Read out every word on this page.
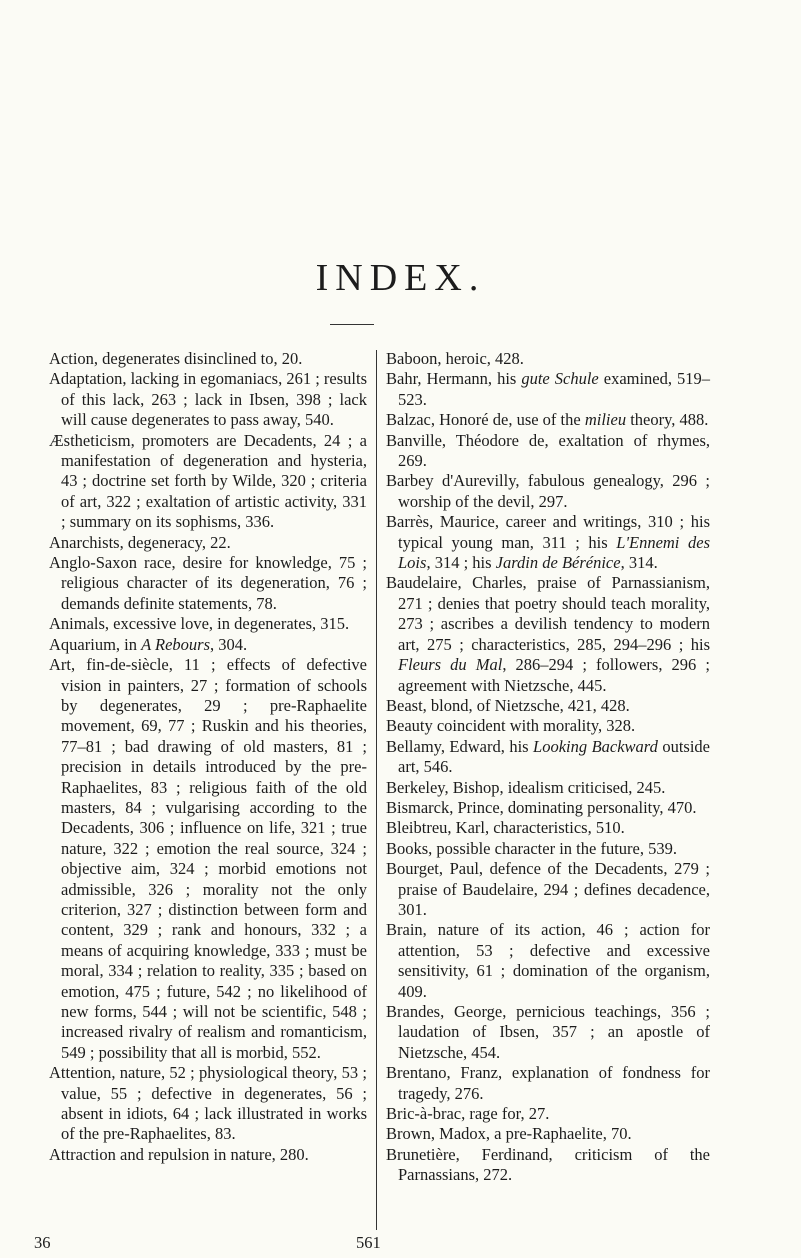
INDEX.

Action, degenerates disinclined to, 20.

Adaptation, lacking in egomaniacs, 261 ; results of this lack, 263 ; lack in Ibsen, 398 ; lack will cause degenerates to pass away, 540.

Æstheticism, promoters are Decadents, 24 ; a manifestation of degeneration and hysteria, 43 ; doctrine set forth by Wilde, 320 ; criteria of art, 322 ; exaltation of artistic activity, 331 ; summary on its sophisms, 336.

Anarchists, degeneracy, 22.

Anglo-Saxon race, desire for knowledge, 75 ; religious character of its degeneration, 76 ; demands definite statements, 78.

Animals, excessive love, in degenerates, 315.

Aquarium, in A Rebours, 304.

Art, fin-de-siècle, 11 ; effects of defective vision in painters, 27 ; formation of schools by degenerates, 29 ; pre-Raphaelite movement, 69, 77 ; Ruskin and his theories, 77–81 ; bad drawing of old masters, 81 ; precision in details introduced by the pre-Raphaelites, 83 ; religious faith of the old masters, 84 ; vulgarising according to the Decadents, 306 ; influence on life, 321 ; true nature, 322 ; emotion the real source, 324 ; objective aim, 324 ; morbid emotions not admissible, 326 ; morality not the only criterion, 327 ; distinction between form and content, 329 ; rank and honours, 332 ; a means of acquiring knowledge, 333 ; must be moral, 334 ; relation to reality, 335 ; based on emotion, 475 ; future, 542 ; no likelihood of new forms, 544 ; will not be scientific, 548 ; increased rivalry of realism and romanticism, 549 ; possibility that all is morbid, 552.

Attention, nature, 52 ; physiological theory, 53 ; value, 55 ; defective in degenerates, 56 ; absent in idiots, 64 ; lack illustrated in works of the pre-Raphaelites, 83.

Attraction and repulsion in nature, 280.

Baboon, heroic, 428.

Bahr, Hermann, his gute Schule examined, 519–523.

Balzac, Honoré de, use of the milieu theory, 488.

Banville, Théodore de, exaltation of rhymes, 269.

Barbey d'Aurevilly, fabulous genealogy, 296 ; worship of the devil, 297.

Barrès, Maurice, career and writings, 310 ; his typical young man, 311 ; his L'Ennemi des Lois, 314 ; his Jardin de Bérénice, 314.

Baudelaire, Charles, praise of Parnassianism, 271 ; denies that poetry should teach morality, 273 ; ascribes a devilish tendency to modern art, 275 ; characteristics, 285, 294–296 ; his Fleurs du Mal, 286–294 ; followers, 296 ; agreement with Nietzsche, 445.

Beast, blond, of Nietzsche, 421, 428.

Beauty coincident with morality, 328.

Bellamy, Edward, his Looking Backward outside art, 546.

Berkeley, Bishop, idealism criticised, 245.

Bismarck, Prince, dominating personality, 470.

Bleibtreu, Karl, characteristics, 510.

Books, possible character in the future, 539.

Bourget, Paul, defence of the Decadents, 279 ; praise of Baudelaire, 294 ; defines decadence, 301.

Brain, nature of its action, 46 ; action for attention, 53 ; defective and excessive sensitivity, 61 ; domination of the organism, 409.

Brandes, George, pernicious teachings, 356 ; laudation of Ibsen, 357 ; an apostle of Nietzsche, 454.

Brentano, Franz, explanation of fondness for tragedy, 276.

Bric-à-brac, rage for, 27.

Brown, Madox, a pre-Raphaelite, 70.

Brunetière, Ferdinand, criticism of the Parnassians, 272.

36	561
